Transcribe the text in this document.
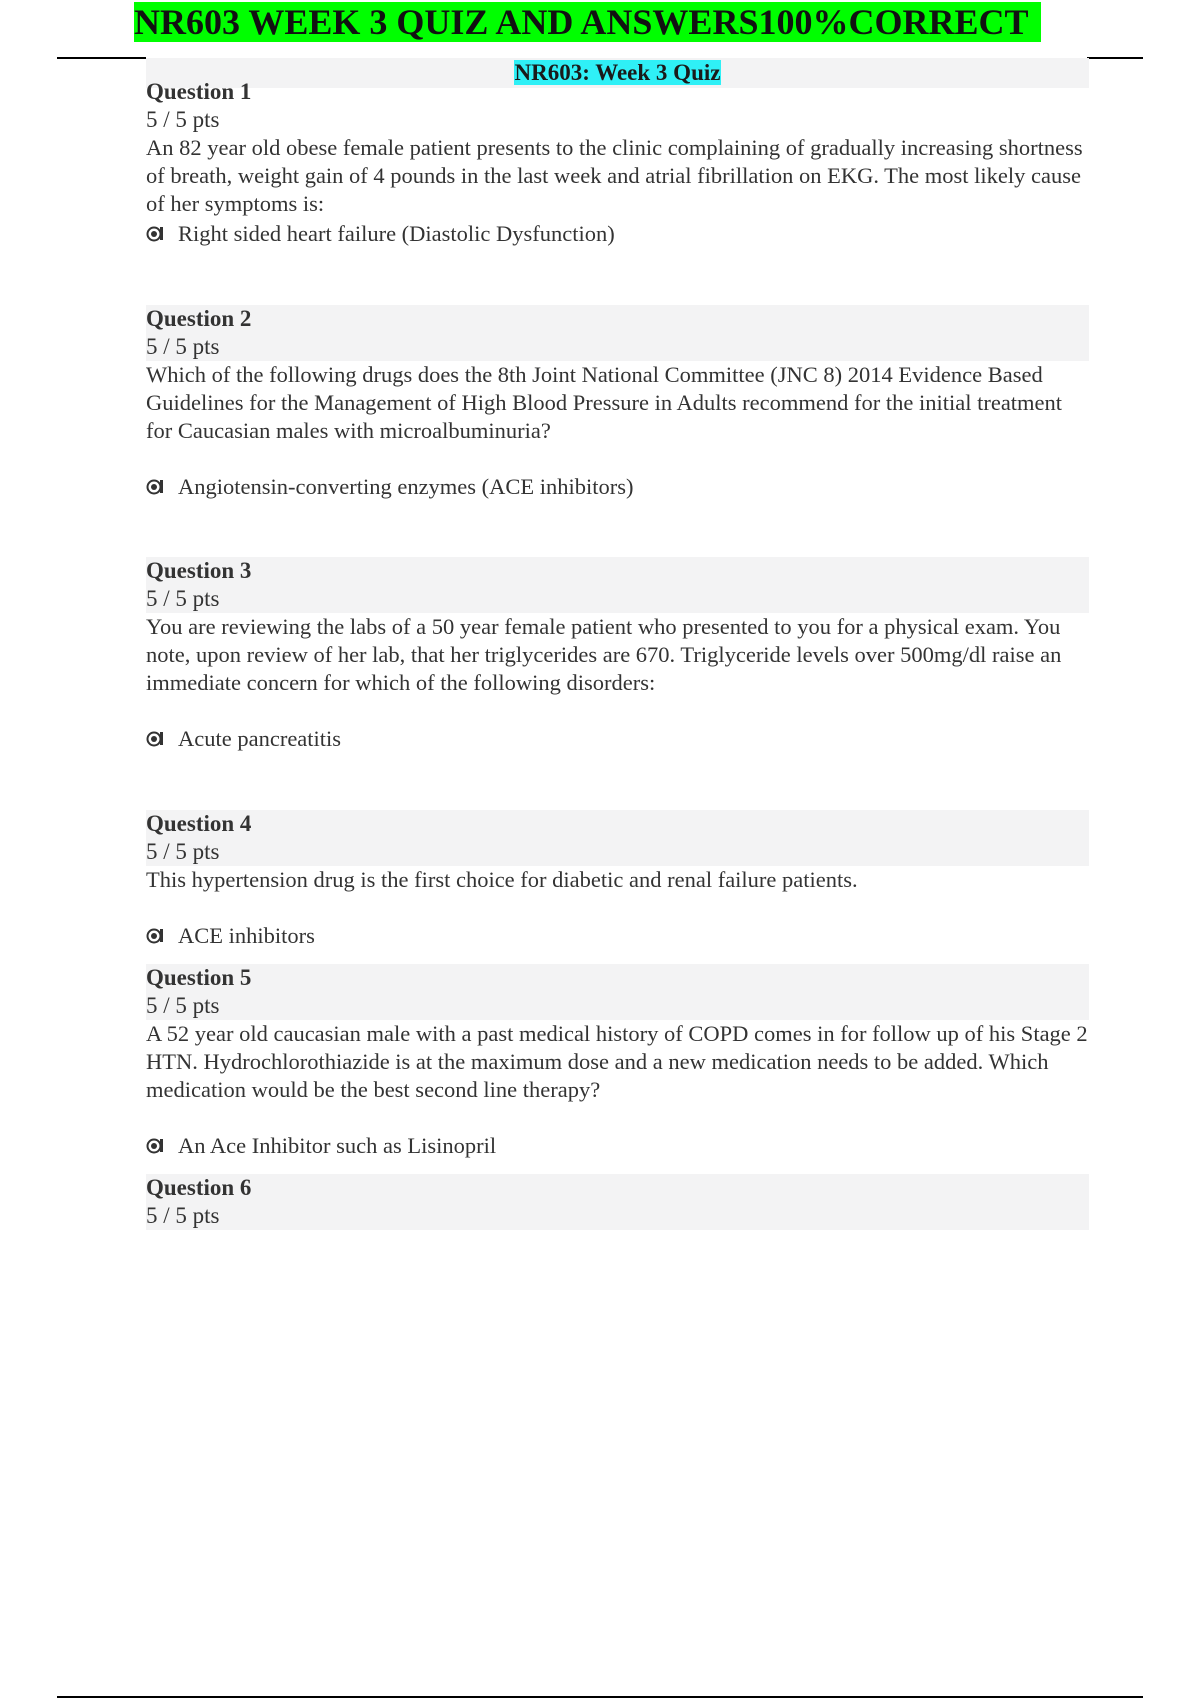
NR603 WEEK 3 QUIZ AND ANSWERS100%CORRECT
NR603: Week 3 Quiz
Question 1
5 / 5 pts

An 82 year old obese female patient presents to the clinic complaining of gradually increasing shortness of breath, weight gain of 4 pounds in the last week and atrial fibrillation on EKG. The most likely cause of her symptoms is:

Right sided heart failure (Diastolic Dysfunction)
Question 2
5 / 5 pts

Which of the following drugs does the 8th Joint National Committee (JNC 8) 2014 Evidence Based Guidelines for the Management of High Blood Pressure in Adults recommend for the initial treatment for Caucasian males with microalbuminuria?

Angiotensin-converting enzymes (ACE inhibitors)
Question 3
5 / 5 pts

You are reviewing the labs of a 50 year female patient who presented to you for a physical exam. You note, upon review of her lab, that her triglycerides are 670. Triglyceride levels over 500mg/dl raise an immediate concern for which of the following disorders:

Acute pancreatitis
Question 4
5 / 5 pts

This hypertension drug is the first choice for diabetic and renal failure patients.

ACE inhibitors
Question 5
5 / 5 pts

A 52 year old caucasian male with a past medical history of COPD comes in for follow up of his Stage 2 HTN. Hydrochlorothiazide is at the maximum dose and a new medication needs to be added. Which medication would be the best second line therapy?

An Ace Inhibitor such as Lisinopril
Question 6
5 / 5 pts
